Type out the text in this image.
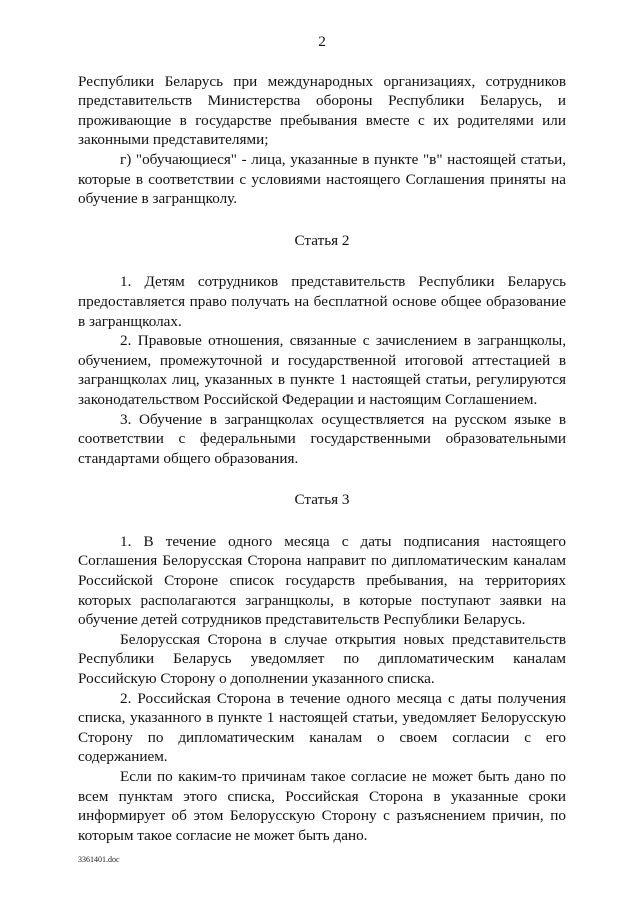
2

Республики Беларусь при международных организациях, сотрудников представительств Министерства обороны Республики Беларусь, и проживающие в государстве пребывания вместе с их родителями или законными представителями;

г) "обучающиеся" - лица, указанные в пункте "в" настоящей статьи, которые в соответствии с условиями настоящего Соглашения приняты на обучение в загранщколу.

Статья 2

1. Детям сотрудников представительств Республики Беларусь предоставляется право получать на бесплатной основе общее образование в загранщколах.

2. Правовые отношения, связанные с зачислением в загранщколы, обучением, промежуточной и государственной итоговой аттестацией в загранщколах лиц, указанных в пункте 1 настоящей статьи, регулируются законодательством Российской Федерации и настоящим Соглашением.

3. Обучение в загранщколах осуществляется на русском языке в соответствии с федеральными государственными образовательными стандартами общего образования.

Статья 3

1. В течение одного месяца с даты подписания настоящего Соглашения Белорусская Сторона направит по дипломатическим каналам Российской Стороне список государств пребывания, на территориях которых располагаются загранщколы, в которые поступают заявки на обучение детей сотрудников представительств Республики Беларусь.

Белорусская Сторона в случае открытия новых представительств Республики Беларусь уведомляет по дипломатическим каналам Российскую Сторону о дополнении указанного списка.

2. Российская Сторона в течение одного месяца с даты получения списка, указанного в пункте 1 настоящей статьи, уведомляет Белорусскую Сторону по дипломатическим каналам о своем согласии с его содержанием.

Если по каким-то причинам такое согласие не может быть дано по всем пунктам этого списка, Российская Сторона в указанные сроки информирует об этом Белорусскую Сторону с разъяснением причин, по которым такое согласие не может быть дано.

3361401.doc
